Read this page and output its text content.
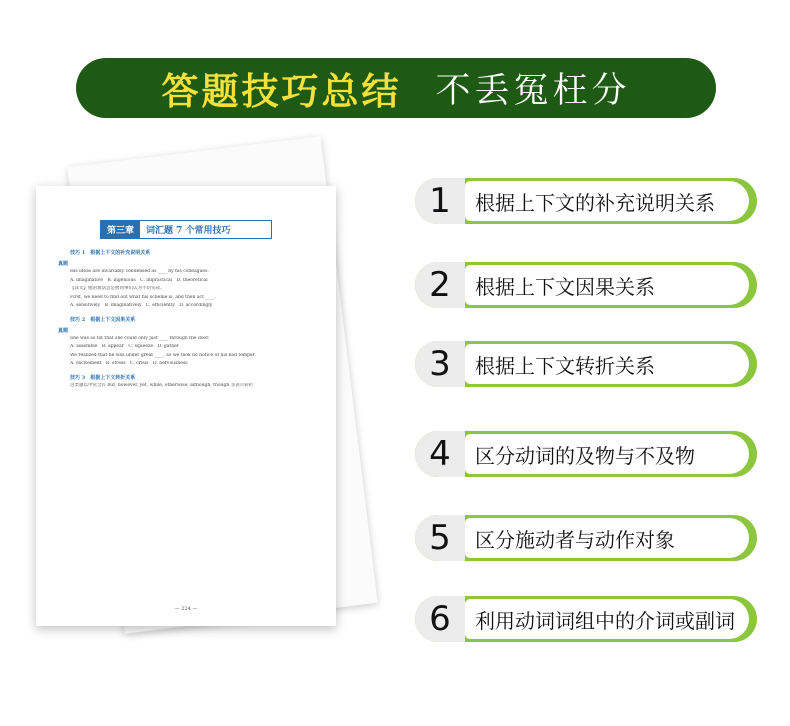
答题技巧总结 不丢冤枉分
第三章	词汇题 7 个常用技巧
技巧 1　根据上下文的补充说明关系
真题
His ideas are invariably condensed as ____ by his colleagues.
A. imaginative　B. ingenious　C. impractical　D. theoretical
【译文】他的想法总是被同事们认为不切实际。
First, we need to find out what his scheme is, and then act ____.
A. sensitively　B. imaginatively　C. efficiently　D. accordingly
技巧 2　根据上下文因果关系
真题
She was so fat that she could only just ____ through the door.
A. assemble　B. appear　C. squeeze　D. gather
We realized that he was under great ____, so we took no notice of his bad temper.
A. excitement　B. stress　C. crisis　D. nervousness
技巧 3　根据上下文转折关系
这类题以中常含有 but, however, yet, while, otherwise, although, though 等表示转折
— 224 —
1	根据上下文的补充说明关系
2	根据上下文因果关系
3	根据上下文转折关系
4	区分动词的及物与不及物
5	区分施动者与动作对象
6	利用动词词组中的介词或副词
